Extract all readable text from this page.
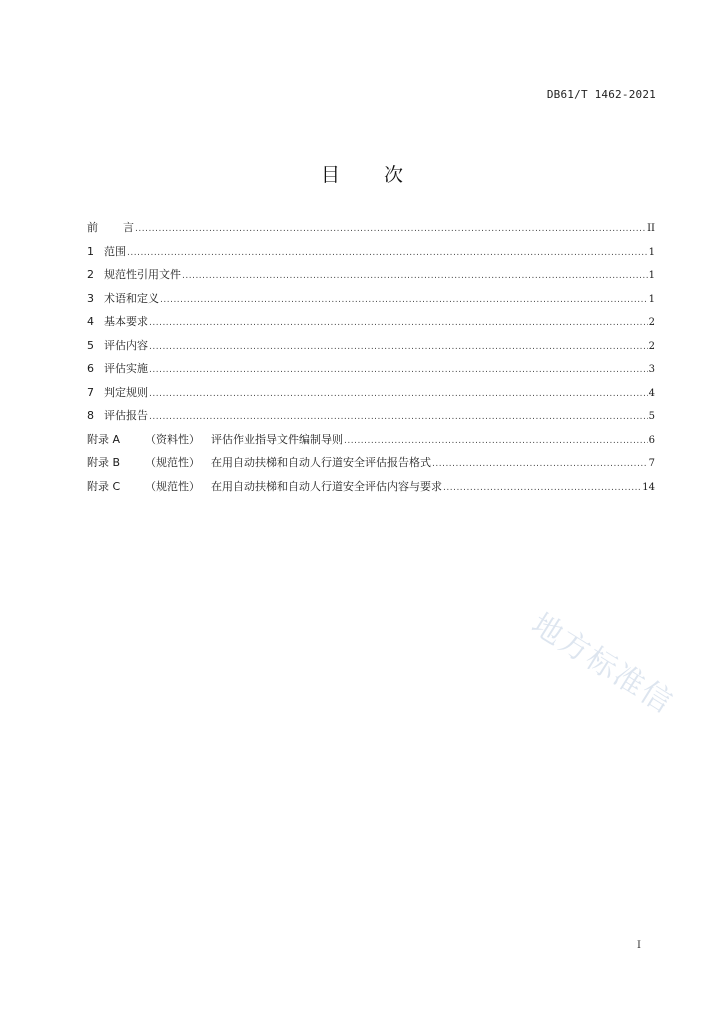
DB61/T 1462-2021
目 次
前言 .....	II
1 范围 .....	1
2 规范性引用文件 .....	1
3 术语和定义 .....	1
4 基本要求 .....	2
5 评估内容 .....	2
6 评估实施 .....	3
7 判定规则 .....	4
8 评估报告 .....	5
附录 A （资料性）	评估作业指导文件编制导则 .....	6
附录 B （规范性）	在用自动扶梯和自动人行道安全评估报告格式 .....	7
附录 C （规范性）	在用自动扶梯和自动人行道安全评估内容与要求 .....	14
地方标准信
I
